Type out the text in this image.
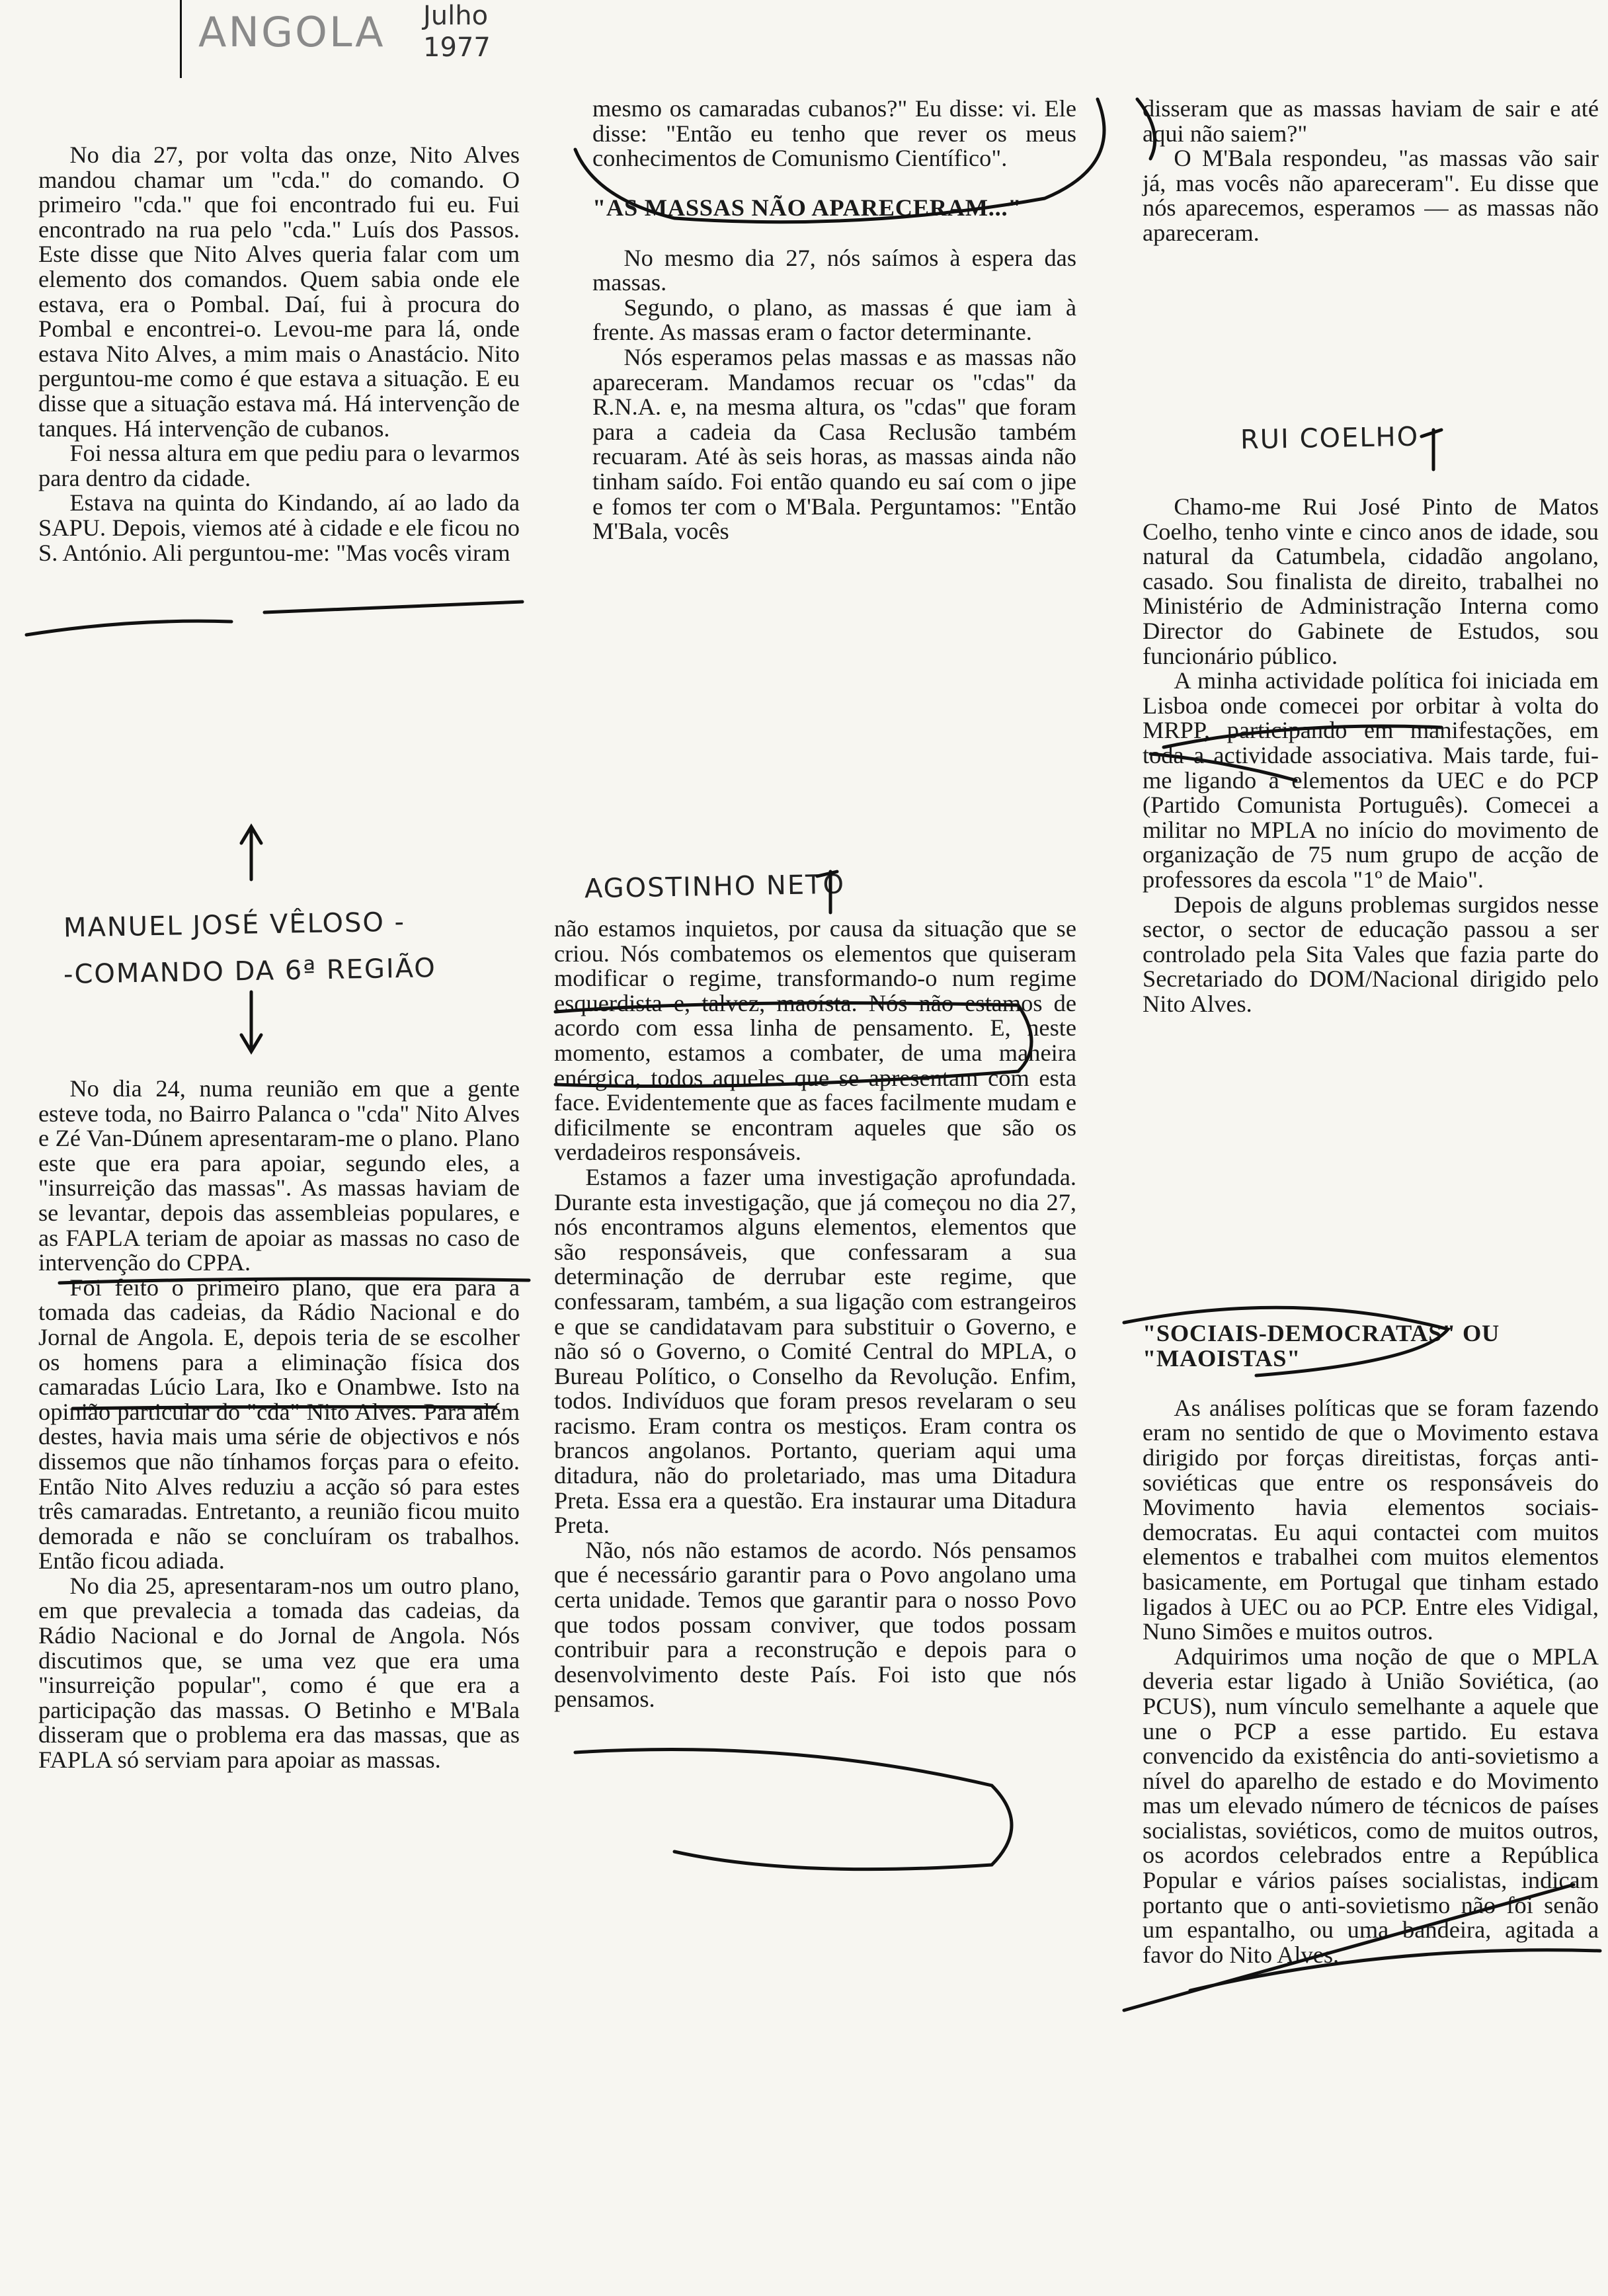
ANGOLA Julho
1977

No dia 27, por volta das onze, Nito Alves mandou chamar um "cda." do comando. O primeiro "cda." que foi encontrado fui eu. Fui encontrado na rua pelo "cda." Luís dos Passos. Este disse que Nito Alves queria falar com um elemento dos comandos. Quem sabia onde ele estava, era o Pombal. Daí, fui à procura do Pombal e encontrei-o. Levou-me para lá, onde estava Nito Alves, a mim mais o Anastácio. Nito perguntou-me como é que estava a situação. E eu disse que a situação estava má. Há intervenção de tanques. Há intervenção de cubanos.

Foi nessa altura em que pediu para o levarmos para dentro da cidade.

Estava na quinta do Kindando, aí ao lado da SAPU. Depois, viemos até à cidade e ele ficou no S. António. Ali perguntou-me: "Mas vocês viram

MANUEL JOSÉ VÊLOSO -
-COMANDO DA 6ª REGIÃO

No dia 24, numa reunião em que a gente esteve toda, no Bairro Palanca o "cda" Nito Alves e Zé Van-Dúnem apresentaram-me o plano. Plano este que era para apoiar, segundo eles, a "insurreição das massas". As massas haviam de se levantar, depois das assembleias populares, e as FAPLA teriam de apoiar as massas no caso de intervenção do CPPA.

Foi feito o primeiro plano, que era para a tomada das cadeias, da Rádio Nacional e do Jornal de Angola. E, depois teria de se escolher os homens para a eliminação física dos camaradas Lúcio Lara, Iko e Onambwe. Isto na opinião particular do "cda" Nito Alves. Para além destes, havia mais uma série de objectivos e nós dissemos que não tínhamos forças para o efeito. Então Nito Alves reduziu a acção só para estes três camaradas. Entretanto, a reunião ficou muito demorada e não se concluíram os trabalhos. Então ficou adiada.

No dia 25, apresentaram-nos um outro plano, em que prevalecia a tomada das cadeias, da Rádio Nacional e do Jornal de Angola. Nós discutimos que, se uma vez que era uma "insurreição popular", como é que era a participação das massas. O Betinho e M'Bala disseram que o problema era das massas, que as FAPLA só serviam para apoiar as massas.

mesmo os camaradas cubanos?" Eu disse: vi. Ele disse: "Então eu tenho que rever os meus conhecimentos de Comunismo Científico".

"AS MASSAS NÃO APARECERAM..."

No mesmo dia 27, nós saímos à espera das massas.

Segundo, o plano, as massas é que iam à frente. As massas eram o factor determinante.

Nós esperamos pelas massas e as massas não apareceram. Mandamos recuar os "cdas" da R.N.A. e, na mesma altura, os "cdas" que foram para a cadeia da Casa Reclusão também recuaram. Até às seis horas, as massas ainda não tinham saído. Foi então quando eu saí com o jipe e fomos ter com o M'Bala. Perguntamos: "Então M'Bala, vocês

AGOSTINHO NETO

não estamos inquietos, por causa da situação que se criou. Nós combatemos os elementos que quiseram modificar o regime, transformando-o num regime esquerdista e, talvez, maoísta. Nós não estamos de acordo com essa linha de pensamento. E, neste momento, estamos a combater, de uma maneira enérgica, todos aqueles que se apresentam com esta face. Evidentemente que as faces facilmente mudam e dificilmente se encontram aqueles que são os verdadeiros responsáveis.

Estamos a fazer uma investigação aprofundada. Durante esta investigação, que já começou no dia 27, nós encontramos alguns elementos, elementos que são responsáveis, que confessaram a sua determinação de derrubar este regime, que confessaram, também, a sua ligação com estrangeiros e que se candidatavam para substituir o Governo, e não só o Governo, o Comité Central do MPLA, o Bureau Político, o Conselho da Revolução. Enfim, todos. Indivíduos que foram presos revelaram o seu racismo. Eram contra os mestiços. Eram contra os brancos angolanos. Portanto, queriam aqui uma ditadura, não do proletariado, mas uma Ditadura Preta. Essa era a questão. Era instaurar uma Ditadura Preta.

Não, nós não estamos de acordo. Nós pensamos que é necessário garantir para o Povo angolano uma certa unidade. Temos que garantir para o nosso Povo que todos possam conviver, que todos possam contribuir para a reconstrução e depois para o desenvolvimento deste País. Foi isto que nós pensamos.

disseram que as massas haviam de sair e até aqui não saiem?"

O M'Bala respondeu, "as massas vão sair já, mas vocês não apareceram". Eu disse que nós aparecemos, esperamos — as massas não apareceram.

RUI COELHO

Chamo-me Rui José Pinto de Matos Coelho, tenho vinte e cinco anos de idade, sou natural da Catumbela, cidadão angolano, casado. Sou finalista de direito, trabalhei no Ministério de Administração Interna como Director do Gabinete de Estudos, sou funcionário público.

A minha actividade política foi iniciada em Lisboa onde comecei por orbitar à volta do MRPP, participando em manifestações, em toda a actividade associativa. Mais tarde, fui-me ligando a elementos da UEC e do PCP (Partido Comunista Português). Comecei a militar no MPLA no início do movimento de organização de 75 num grupo de acção de professores da escola "1º de Maio".

Depois de alguns problemas surgidos nesse sector, o sector de educação passou a ser controlado pela Sita Vales que fazia parte do Secretariado do DOM/Nacional dirigido pelo Nito Alves.

"SOCIAIS-DEMOCRATAS" OU "MAOISTAS"

As análises políticas que se foram fazendo eram no sentido de que o Movimento estava dirigido por forças direitistas, forças anti-soviéticas que entre os responsáveis do Movimento havia elementos sociais-democratas. Eu aqui contactei com muitos elementos e trabalhei com muitos elementos basicamente, em Portugal que tinham estado ligados à UEC ou ao PCP. Entre eles Vidigal, Nuno Simões e muitos outros.

Adquirimos uma noção de que o MPLA deveria estar ligado à União Soviética, (ao PCUS), num vínculo semelhante a aquele que une o PCP a esse partido. Eu estava convencido da existência do anti-sovietismo a nível do aparelho de estado e do Movimento mas um elevado número de técnicos de países socialistas, soviéticos, como de muitos outros, os acordos celebrados entre a República Popular e vários países socialistas, indicam portanto que o anti-sovietismo não foi senão um espantalho, ou uma bandeira, agitada a favor do Nito Alves.
